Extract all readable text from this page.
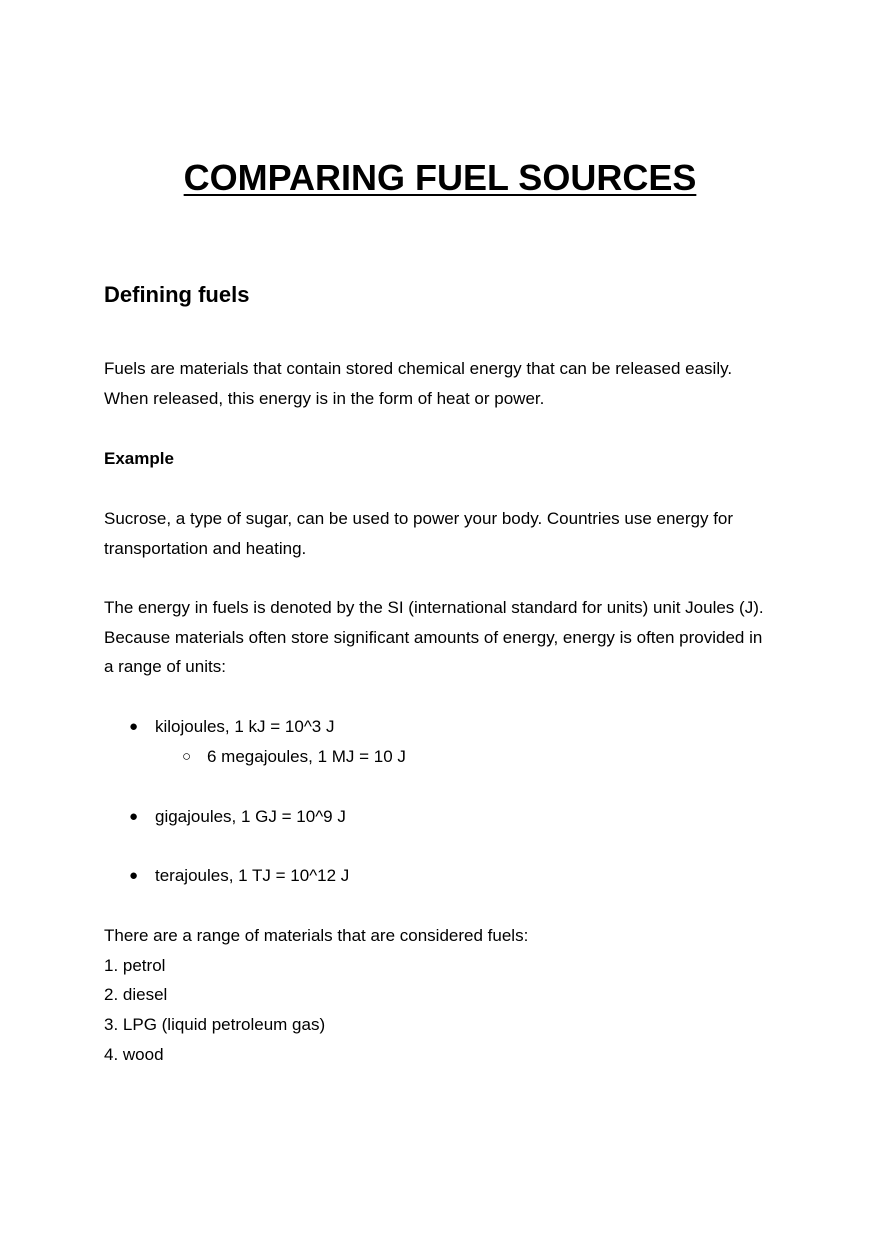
COMPARING FUEL SOURCES
Defining fuels
Fuels are materials that contain stored chemical energy that can be released easily.
When released, this energy is in the form of heat or power.
Example
Sucrose, a type of sugar, can be used to power your body. Countries use energy for
transportation and heating.
The energy in fuels is denoted by the SI (international standard for units) unit Joules (J).
Because materials often store significant amounts of energy, energy is often provided in
a range of units:
● kilojoules, 1 kJ = 10^3 J
○ 6 megajoules, 1 MJ = 10 J
● gigajoules, 1 GJ = 10^9 J
● terajoules, 1 TJ = 10^12 J
There are a range of materials that are considered fuels:
1. petrol
2. diesel
3. LPG (liquid petroleum gas)
4. wood
